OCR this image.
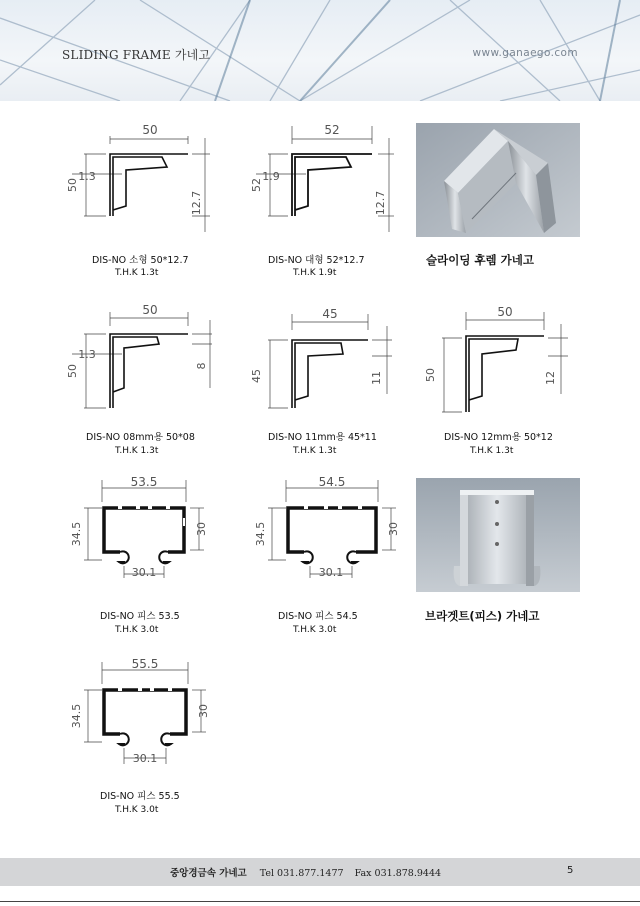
SLIDING FRAME 가네고	www.ganaego.com
50
50
1.3
12.7
DIS-NO 소형 50*12.7
T.H.K 1.3t
52
52
1.9
12.7
DIS-NO 대형 52*12.7
T.H.K 1.9t
슬라이딩 후렘 가네고
50
50
1.3
8
DIS-NO 08mm용 50*08
T.H.K 1.3t
45
45	11
DIS-NO 11mm용 45*11
T.H.K 1.3t
50
50	12
DIS-NO 12mm용 50*12
T.H.K 1.3t
53.5
34.5	30
30.1
DIS-NO 피스 53.5
T.H.K 3.0t
54.5
34.5	30
30.1
DIS-NO 피스 54.5
T.H.K 3.0t
브라겟트(피스) 가네고
55.5
34.5	30
30.1
DIS-NO 피스 55.5
T.H.K 3.0t
중앙경금속 가네고 Tel 031.877.1477 Fax 031.878.9444	5
